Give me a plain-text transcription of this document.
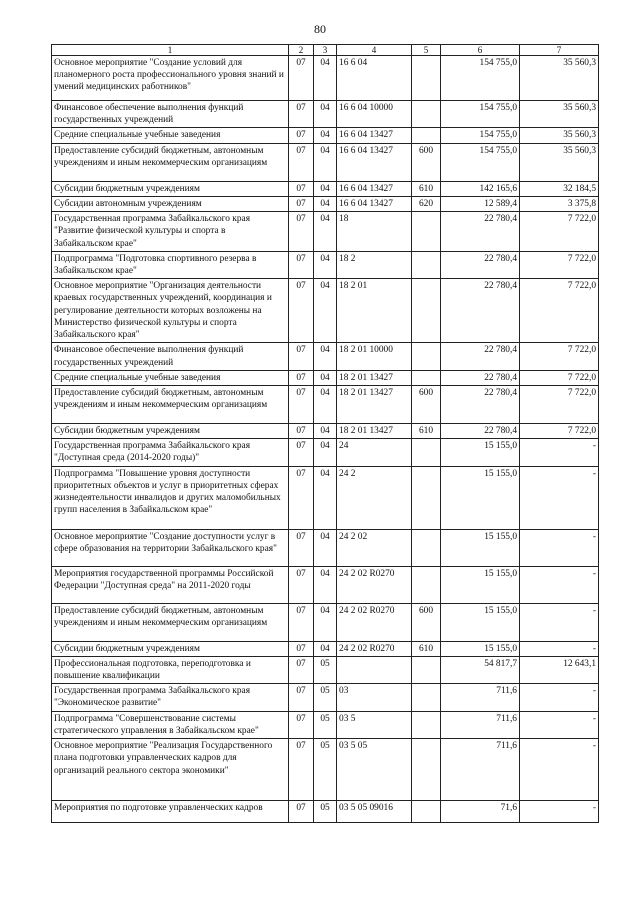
80
1	2	3	4	5	6	7
Основное мероприятие "Создание условий для планомерного роста профессионального уровня знаний и умений медицинских работников"	07	04	16 6 04		154 755,0	35 560,3
Финансовое обеспечение выполнения функций государственных учреждений	07	04	16 6 04 10000		154 755,0	35 560,3
Средние специальные учебные заведения	07	04	16 6 04 13427		154 755,0	35 560,3
Предоставление субсидий бюджетным, автономным учреждениям и иным некоммерческим организациям	07	04	16 6 04 13427	600	154 755,0	35 560,3
Субсидии бюджетным учреждениям	07	04	16 6 04 13427	610	142 165,6	32 184,5
Субсидии автономным учреждениям	07	04	16 6 04 13427	620	12 589,4	3 375,8
Государственная программа Забайкальского края "Развитие физической культуры и спорта в Забайкальском крае"	07	04	18		22 780,4	7 722,0
Подпрограмма "Подготовка спортивного резерва в Забайкальском крае"	07	04	18 2		22 780,4	7 722,0
Основное мероприятие "Организация деятельности краевых государственных учреждений, координация и регулирование деятельности которых возложены на Министерство физической культуры и спорта Забайкальского края"	07	04	18 2 01		22 780,4	7 722,0
Финансовое обеспечение выполнения функций государственных учреждений	07	04	18 2 01 10000		22 780,4	7 722,0
Средние специальные учебные заведения	07	04	18 2 01 13427		22 780,4	7 722,0
Предоставление субсидий бюджетным, автономным учреждениям и иным некоммерческим организациям	07	04	18 2 01 13427	600	22 780,4	7 722,0
Субсидии бюджетным учреждениям	07	04	18 2 01 13427	610	22 780,4	7 722,0
Государственная программа Забайкальского края "Доступная среда (2014-2020 годы)"	07	04	24		15 155,0	-
Подпрограмма "Повышение уровня доступности приоритетных объектов и услуг в приоритетных сферах жизнедеятельности инвалидов и других маломобильных групп населения в Забайкальском крае"	07	04	24 2		15 155,0	-
Основное мероприятие "Создание доступности услуг в сфере образования на территории Забайкальского края"	07	04	24 2 02		15 155,0	-
Мероприятия государственной программы Российской Федерации "Доступная среда" на 2011-2020 годы	07	04	24 2 02 R0270		15 155,0	-
Предоставление субсидий бюджетным, автономным учреждениям и иным некоммерческим организациям	07	04	24 2 02 R0270	600	15 155,0	-
Субсидии бюджетным учреждениям	07	04	24 2 02 R0270	610	15 155,0	-
Профессиональная подготовка, переподготовка и повышение квалификации	07	05			54 817,7	12 643,1
Государственная программа Забайкальского края "Экономическое развитие"	07	05	03		711,6	-
Подпрограмма "Совершенствование системы стратегического управления в Забайкальском крае"	07	05	03 5		711,6	-
Основное мероприятие "Реализация Государственного плана подготовки управленческих кадров для организаций реального сектора экономики"	07	05	03 5 05		711,6	-
Мероприятия по подготовке управленческих кадров	07	05	03 5 05 09016		71,6	-
